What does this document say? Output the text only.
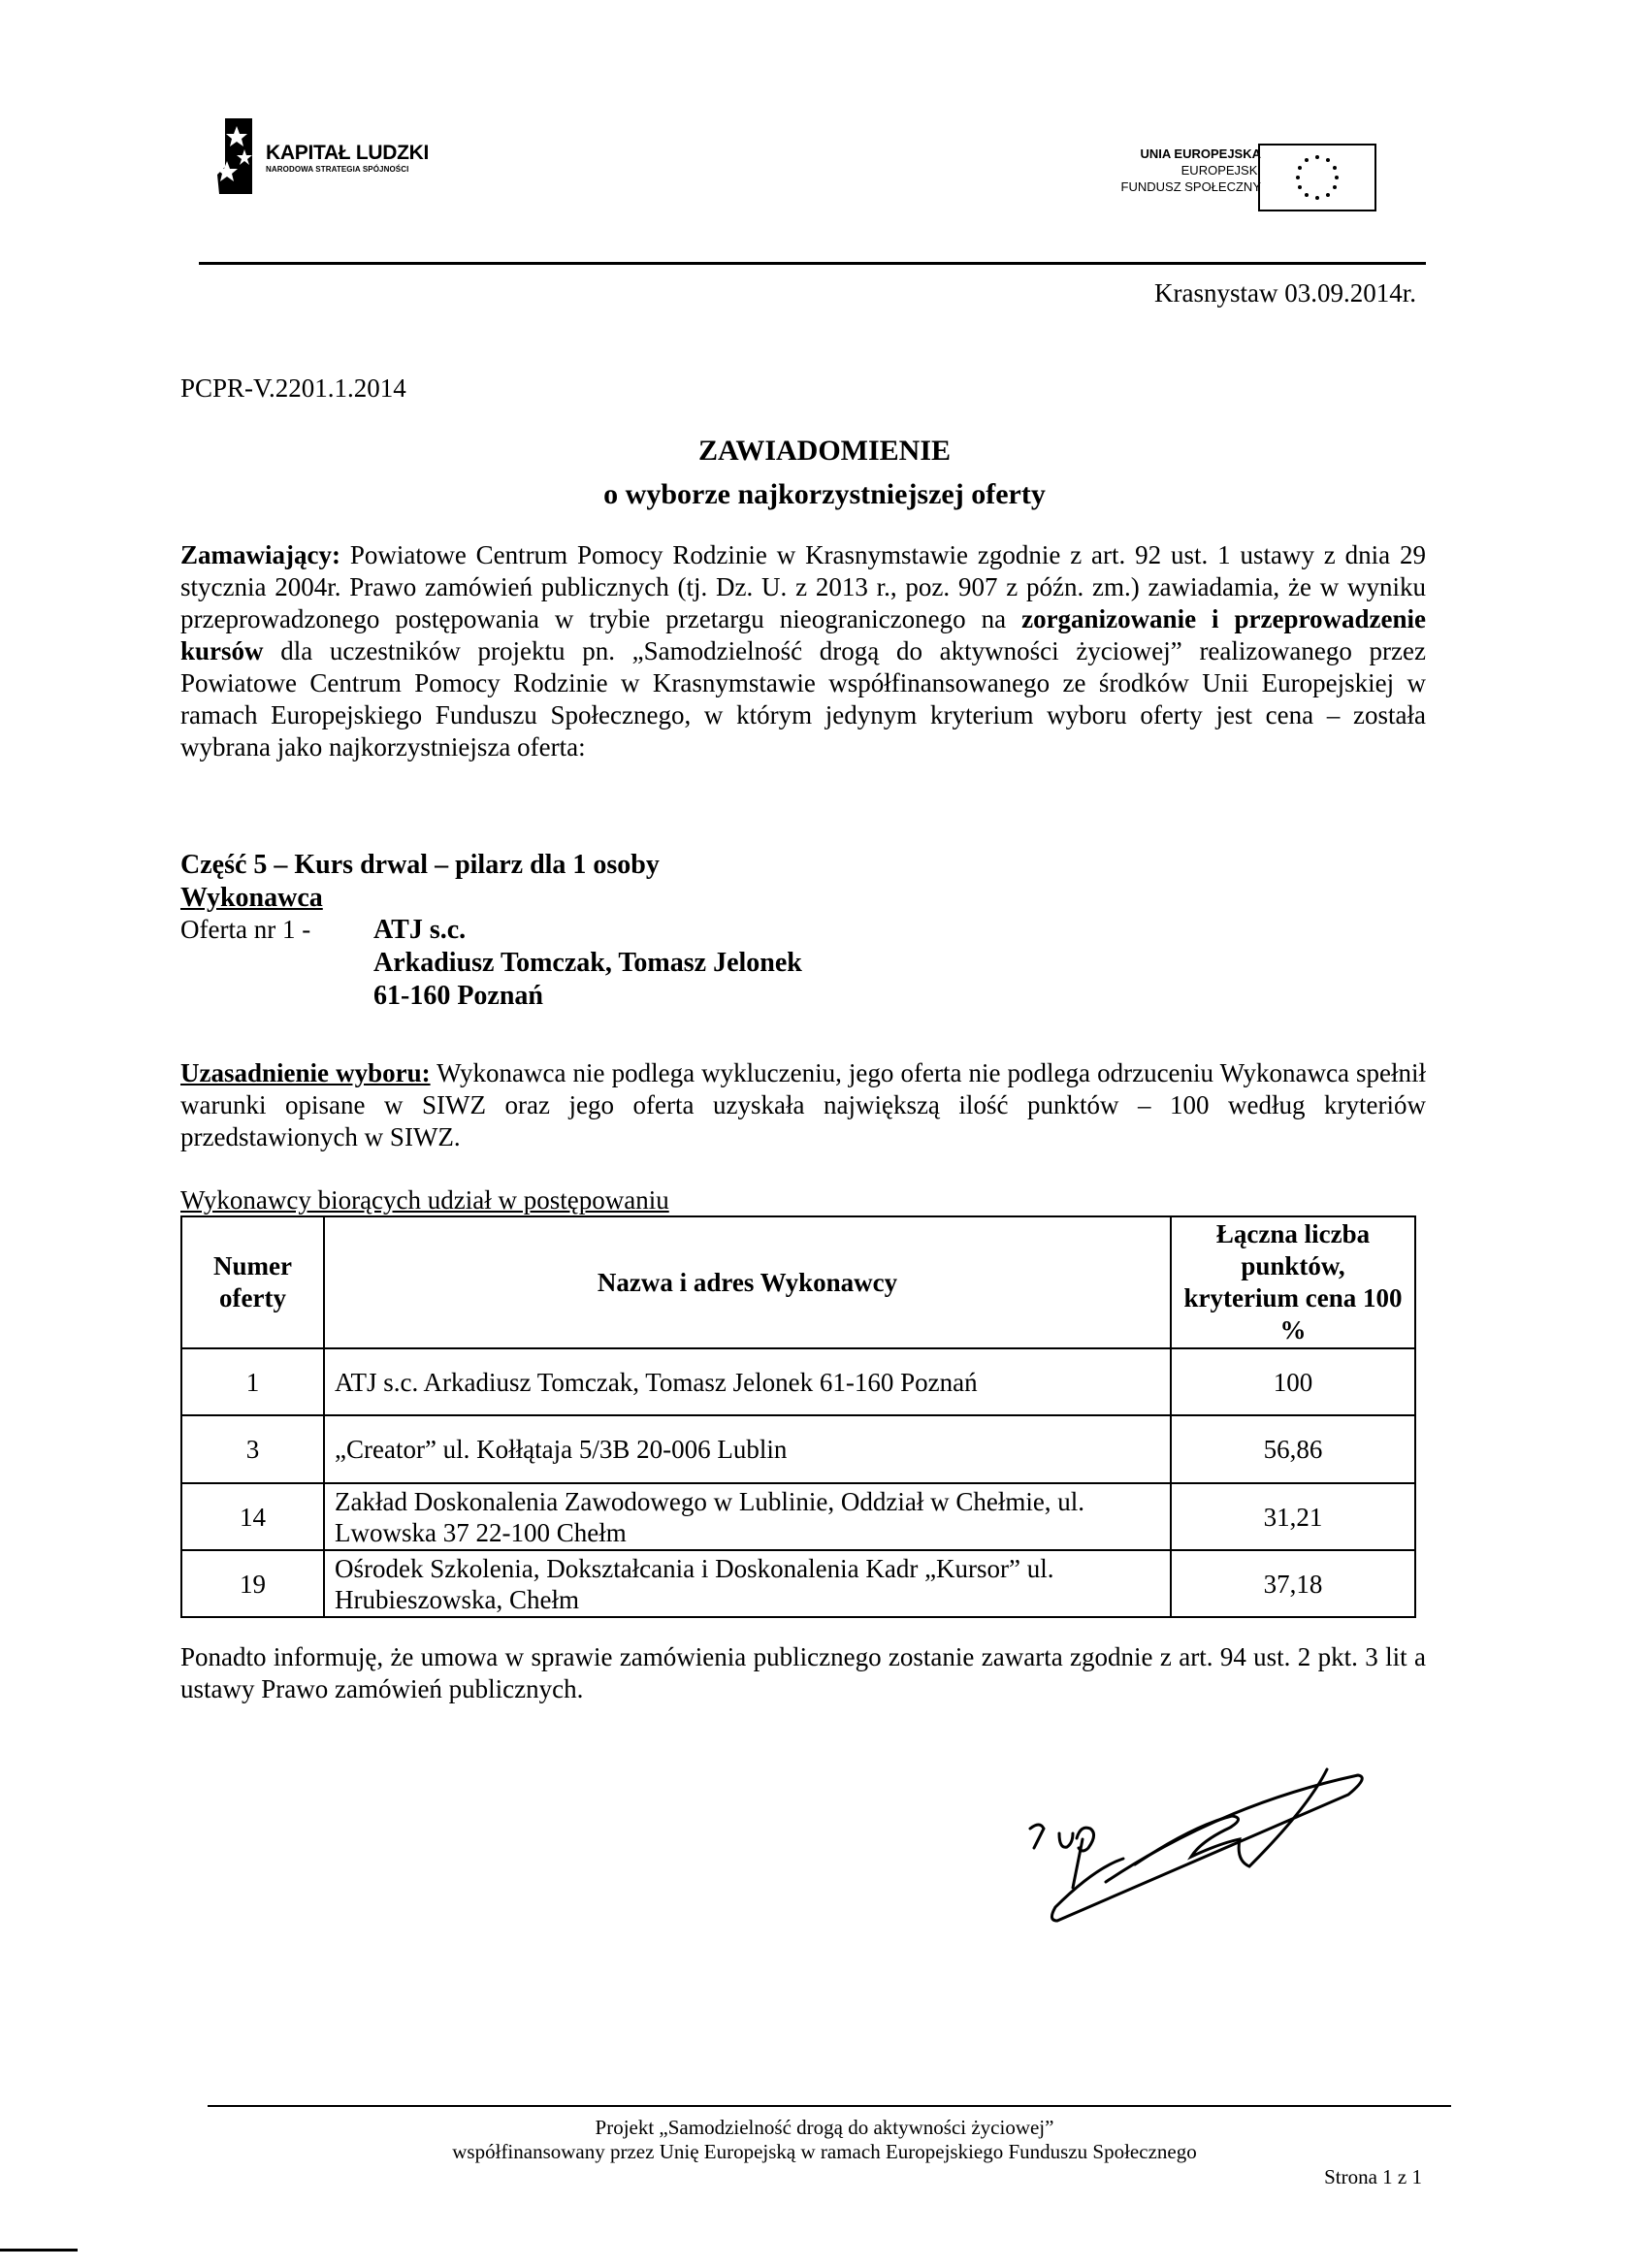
KAPITAŁ LUDZKI
NARODOWA STRATEGIA SPÓJNOŚCI
UNIA EUROPEJSKA
EUROPEJSKI
FUNDUSZ SPOŁECZNY
Krasnystaw 03.09.2014r.
PCPR-V.2201.1.2014
ZAWIADOMIENIE
o wyborze najkorzystniejszej oferty
Zamawiający: Powiatowe Centrum Pomocy Rodzinie w Krasnymstawie zgodnie z art. 92 ust. 1 ustawy z dnia 29 stycznia 2004r. Prawo zamówień publicznych (tj. Dz. U. z 2013 r., poz. 907 z późn. zm.) zawiadamia, że w wyniku przeprowadzonego postępowania w trybie przetargu nieograniczonego na zorganizowanie i przeprowadzenie kursów dla uczestników projektu pn. „Samodzielność drogą do aktywności życiowej” realizowanego przez Powiatowe Centrum Pomocy Rodzinie w Krasnymstawie współfinansowanego ze środków Unii Europejskiej w ramach Europejskiego Funduszu Społecznego, w którym jedynym kryterium wyboru oferty jest cena – została wybrana jako najkorzystniejsza oferta:
Część 5 – Kurs drwal – pilarz dla 1 osoby
Wykonawca
Oferta nr 1 - ATJ s.c.
Arkadiusz Tomczak, Tomasz Jelonek
61-160 Poznań
Uzasadnienie wyboru: Wykonawca nie podlega wykluczeniu, jego oferta nie podlega odrzuceniu Wykonawca spełnił warunki opisane w SIWZ oraz jego oferta uzyskała największą ilość punktów – 100 według kryteriów przedstawionych w SIWZ.
Wykonawcy biorących udział w postępowaniu
Numer oferty	Nazwa i adres Wykonawcy	Łączna liczba punktów, kryterium cena 100 %
1	ATJ s.c. Arkadiusz Tomczak, Tomasz Jelonek 61-160 Poznań	100
3	„Creator” ul. Kołłątaja 5/3B 20-006 Lublin	56,86
14	Zakład Doskonalenia Zawodowego w Lublinie, Oddział w Chełmie, ul. Lwowska 37 22-100 Chełm	31,21
19	Ośrodek Szkolenia, Dokształcania i Doskonalenia Kadr „Kursor” ul. Hrubieszowska, Chełm	37,18
Ponadto informuję, że umowa w sprawie zamówienia publicznego zostanie zawarta zgodnie z art. 94 ust. 2 pkt. 3 lit a ustawy Prawo zamówień publicznych.
Projekt „Samodzielność drogą do aktywności życiowej”
współfinansowany przez Unię Europejską w ramach Europejskiego Funduszu Społecznego
Strona 1 z 1
